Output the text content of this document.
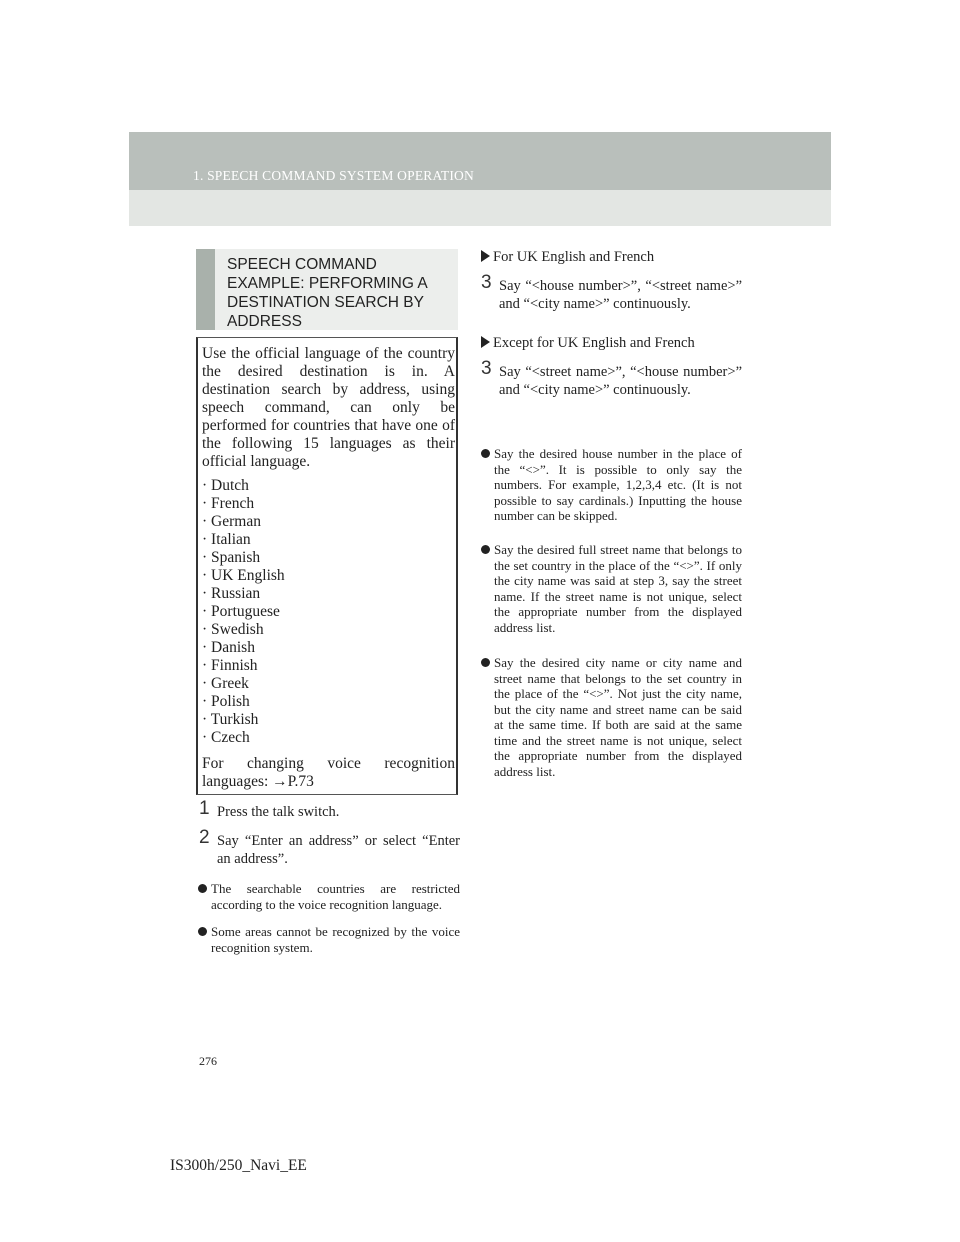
1. SPEECH COMMAND SYSTEM OPERATION
SPEECH COMMAND EXAMPLE: PERFORMING A DESTINATION SEARCH BY ADDRESS

Use the official language of the country the desired destination is in. A destination search by address, using speech command, can only be performed for countries that have one of the following 15 languages as their official language.

· Dutch
· French
· German
· Italian
· Spanish
· UK English
· Russian
· Portuguese
· Swedish
· Danish
· Finnish
· Greek
· Polish
· Turkish
· Czech

For changing voice recognition languages: →P.73

1 Press the talk switch.
2 Say “Enter an address” or select “Enter an address”.
The searchable countries are restricted according to the voice recognition language.
Some areas cannot be recognized by the voice recognition system.
For UK English and French
3 Say “<house number>”, “<street name>” and “<city name>” continuously.
Except for UK English and French
3 Say “<street name>”, “<house number>” and “<city name>” continuously.
Say the desired house number in the place of the “<>”. It is possible to only say the numbers. For example, 1,2,3,4 etc. (It is not possible to say cardinals.) Inputting the house number can be skipped.
Say the desired full street name that belongs to the set country in the place of the “<>”. If only the city name was said at step 3, say the street name. If the street name is not unique, select the appropriate number from the displayed address list.
Say the desired city name or city name and street name that belongs to the set country in the place of the “<>”. Not just the city name, but the city name and street name can be said at the same time. If both are said at the same time and the street name is not unique, select the appropriate number from the displayed address list.
276
IS300h/250_Navi_EE
